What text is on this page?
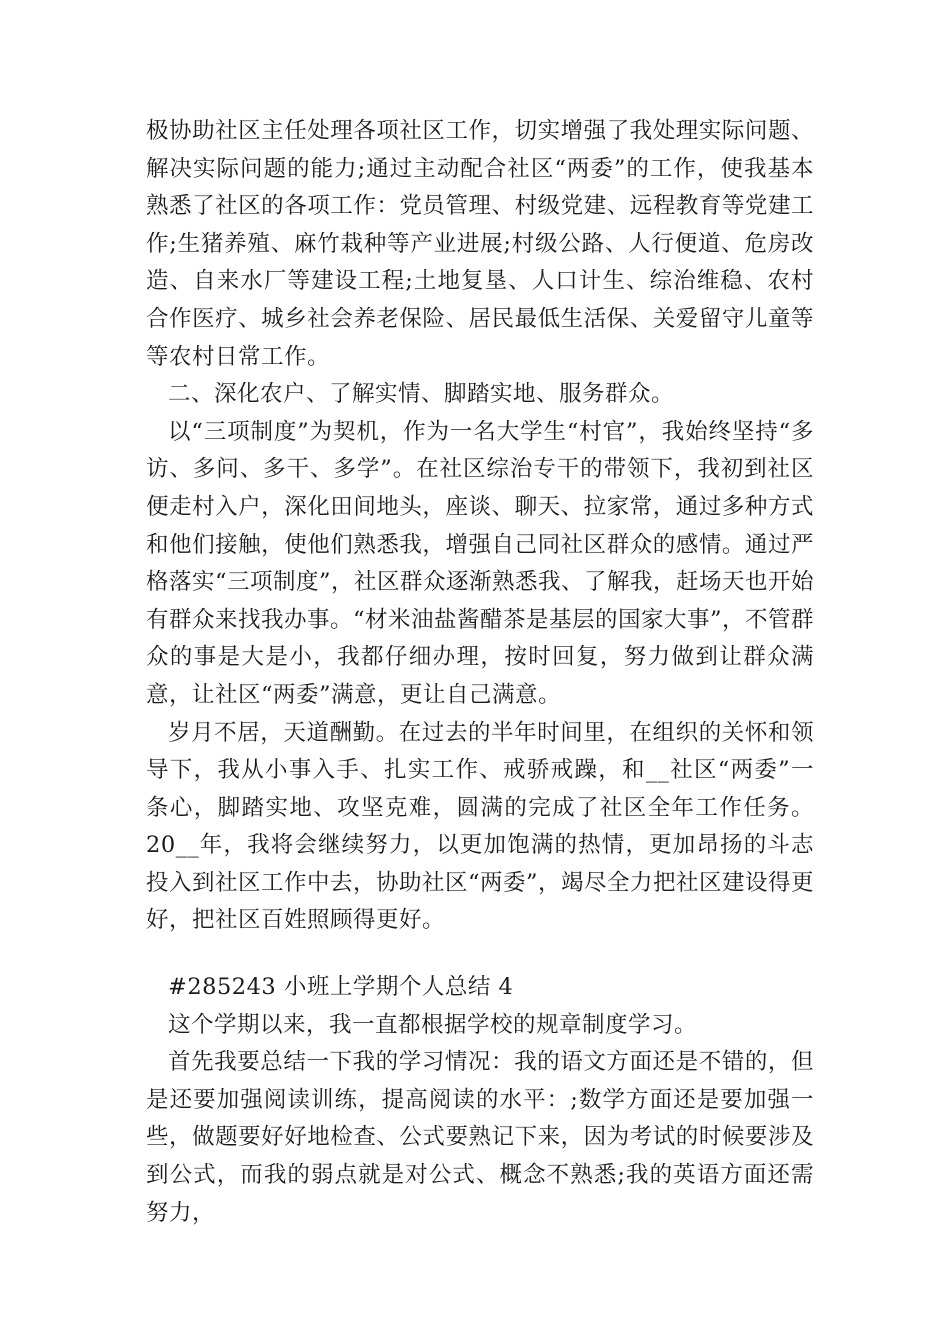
极协助社区主任处理各项社区工作，切实增强了我处理实际问题、解决实际问题的能力;通过主动配合社区“两委”的工作，使我基本熟悉了社区的各项工作：党员管理、村级党建、远程教育等党建工作;生猪养殖、麻竹栽种等产业进展;村级公路、人行便道、危房改造、自来水厂等建设工程;土地复垦、人口计生、综治维稳、农村合作医疗、城乡社会养老保险、居民最低生活保、关爱留守儿童等等农村日常工作。

二、深化农户、了解实情、脚踏实地、服务群众。

以“三项制度”为契机，作为一名大学生“村官”，我始终坚持“多访、多问、多干、多学”。在社区综治专干的带领下，我初到社区便走村入户，深化田间地头，座谈、聊天、拉家常，通过多种方式和他们接触，使他们熟悉我，增强自己同社区群众的感情。通过严格落实“三项制度”，社区群众逐渐熟悉我、了解我，赶场天也开始有群众来找我办事。“材米油盐酱醋茶是基层的国家大事”，不管群众的事是大是小，我都仔细办理，按时回复，努力做到让群众满意，让社区“两委”满意，更让自己满意。

岁月不居，天道酬勤。在过去的半年时间里，在组织的关怀和领导下，我从小事入手、扎实工作、戒骄戒躁，和__社区“两委”一条心，脚踏实地、攻坚克难，圆满的完成了社区全年工作任务。20__年，我将会继续努力，以更加饱满的热情，更加昂扬的斗志投入到社区工作中去，协助社区“两委”，竭尽全力把社区建设得更好，把社区百姓照顾得更好。

#285243 小班上学期个人总结 4

这个学期以来，我一直都根据学校的规章制度学习。

首先我要总结一下我的学习情况：我的语文方面还是不错的，但是还要加强阅读训练，提高阅读的水平：;数学方面还是要加强一些，做题要好好地检查、公式要熟记下来，因为考试的时候要涉及到公式，而我的弱点就是对公式、概念不熟悉;我的英语方面还需努力，
